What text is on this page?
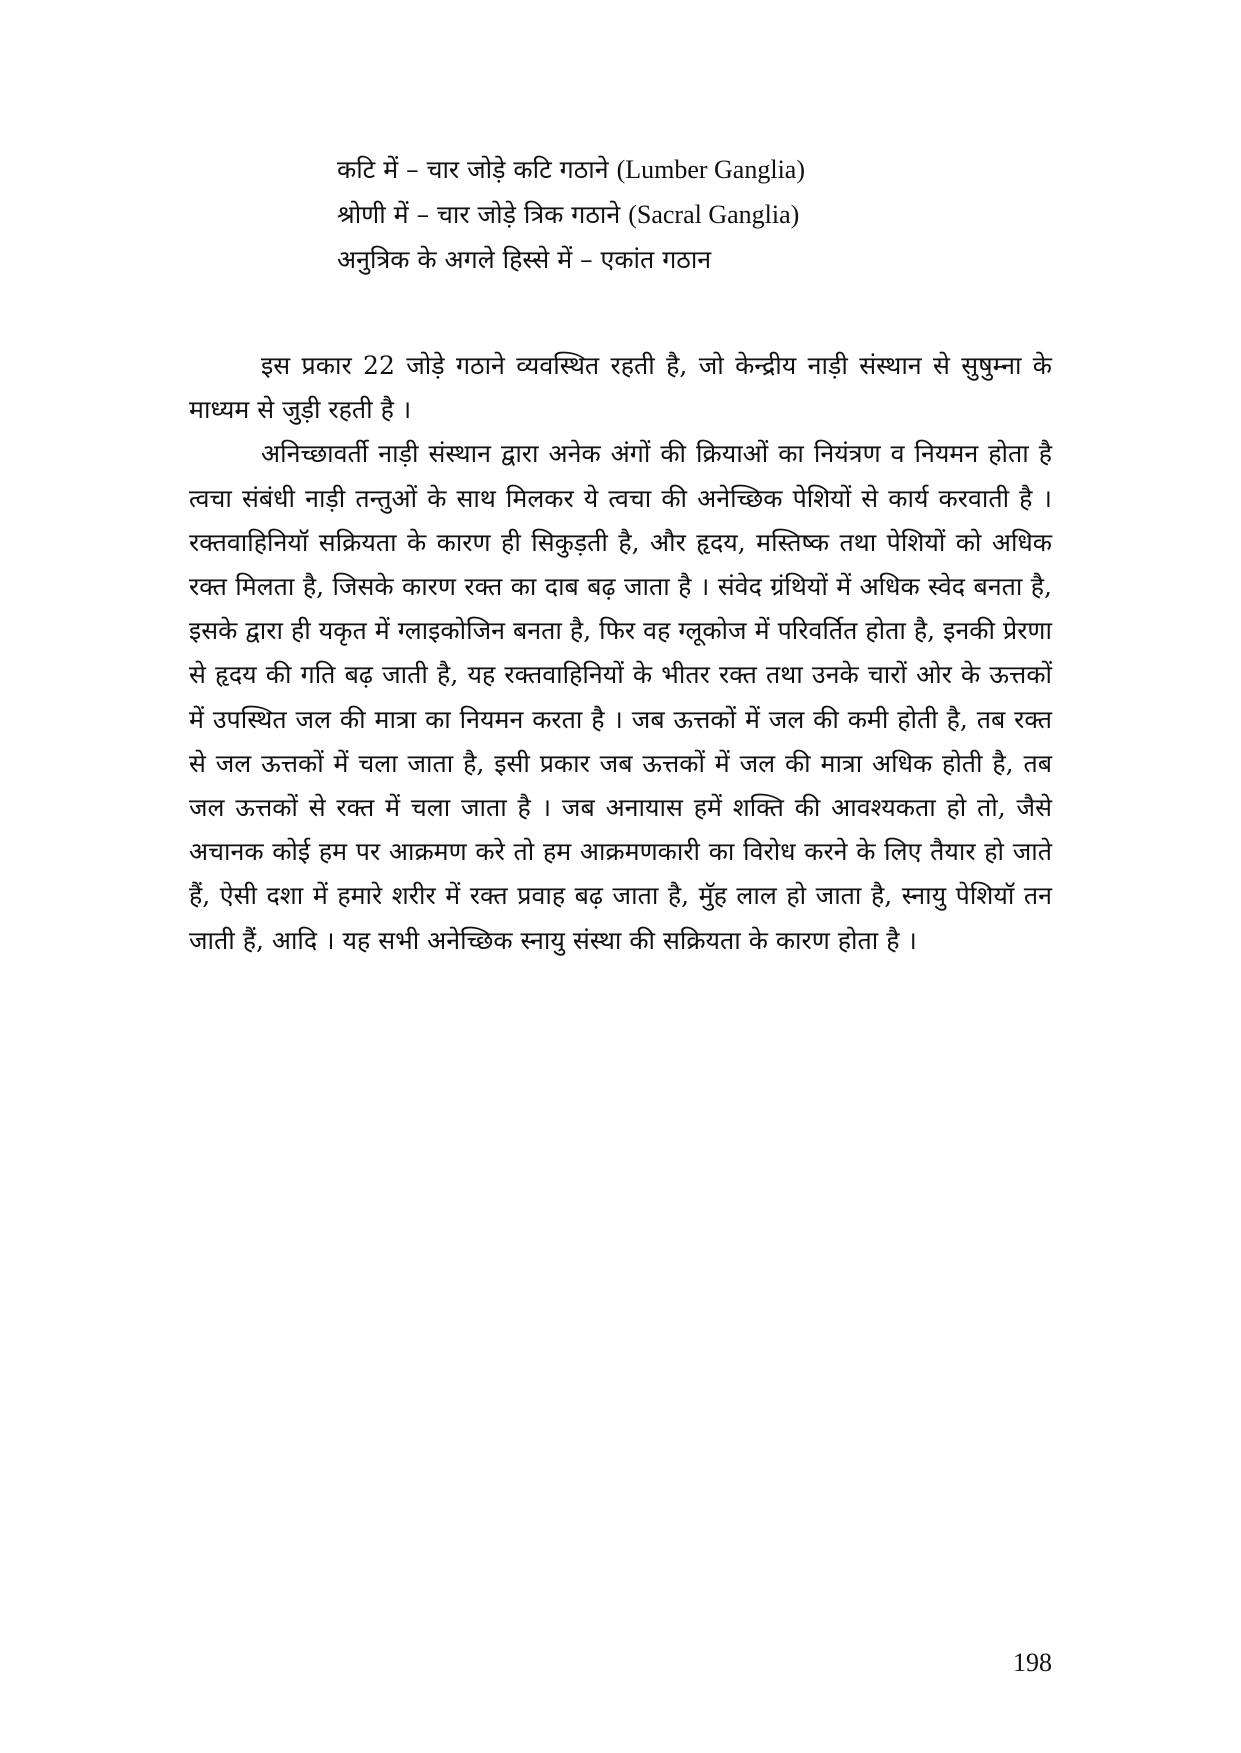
कटि में – चार जोड़े कटि गठाने (Lumber Ganglia)
श्रोणी में – चार जोड़े त्रिक गठाने (Sacral Ganglia)
अनुत्रिक के अगले हिस्से में – एकांत गठान

इस प्रकार 22 जोड़े गठाने व्यवस्थित रहती है, जो केन्द्रीय नाड़ी संस्थान से सुषुम्ना के माध्यम से जुड़ी रहती है ।

अनिच्छावर्ती नाड़ी संस्थान द्वारा अनेक अंगों की क्रियाओं का नियंत्रण व नियमन होता है त्वचा संबंधी नाड़ी तन्तुओं के साथ मिलकर ये त्वचा की अनेच्छिक पेशियों से कार्य करवाती है । रक्तवाहिनियॉ सक्रियता के कारण ही सिकुड़ती है, और हृदय, मस्तिष्क तथा पेशियों को अधिक रक्त मिलता है, जिसके कारण रक्त का दाब बढ़ जाता है । संवेद ग्रंथियों में अधिक स्वेद बनता है, इसके द्वारा ही यकृत में ग्लाइकोजिन बनता है, फिर वह ग्लूकोज में परिवर्तित होता है, इनकी प्रेरणा से हृदय की गति बढ़ जाती है, यह रक्तवाहिनियों के भीतर रक्त तथा उनके चारों ओर के ऊत्तकों में उपस्थित जल की मात्रा का नियमन करता है । जब ऊत्तकों में जल की कमी होती है, तब रक्त से जल ऊत्तकों में चला जाता है, इसी प्रकार जब ऊत्तकों में जल की मात्रा अधिक होती है, तब जल ऊत्तकों से रक्त में चला जाता है । जब अनायास हमें शक्ति की आवश्यकता हो तो, जैसे अचानक कोई हम पर आक्रमण करे तो हम आक्रमणकारी का विरोध करने के लिए तैयार हो जाते हैं, ऐसी दशा में हमारे शरीर में रक्त प्रवाह बढ़ जाता है, मुॅह लाल हो जाता है, स्नायु पेशियॉ तन जाती हैं, आदि । यह सभी अनेच्छिक स्नायु संस्था की सक्रियता के कारण होता है ।

198
